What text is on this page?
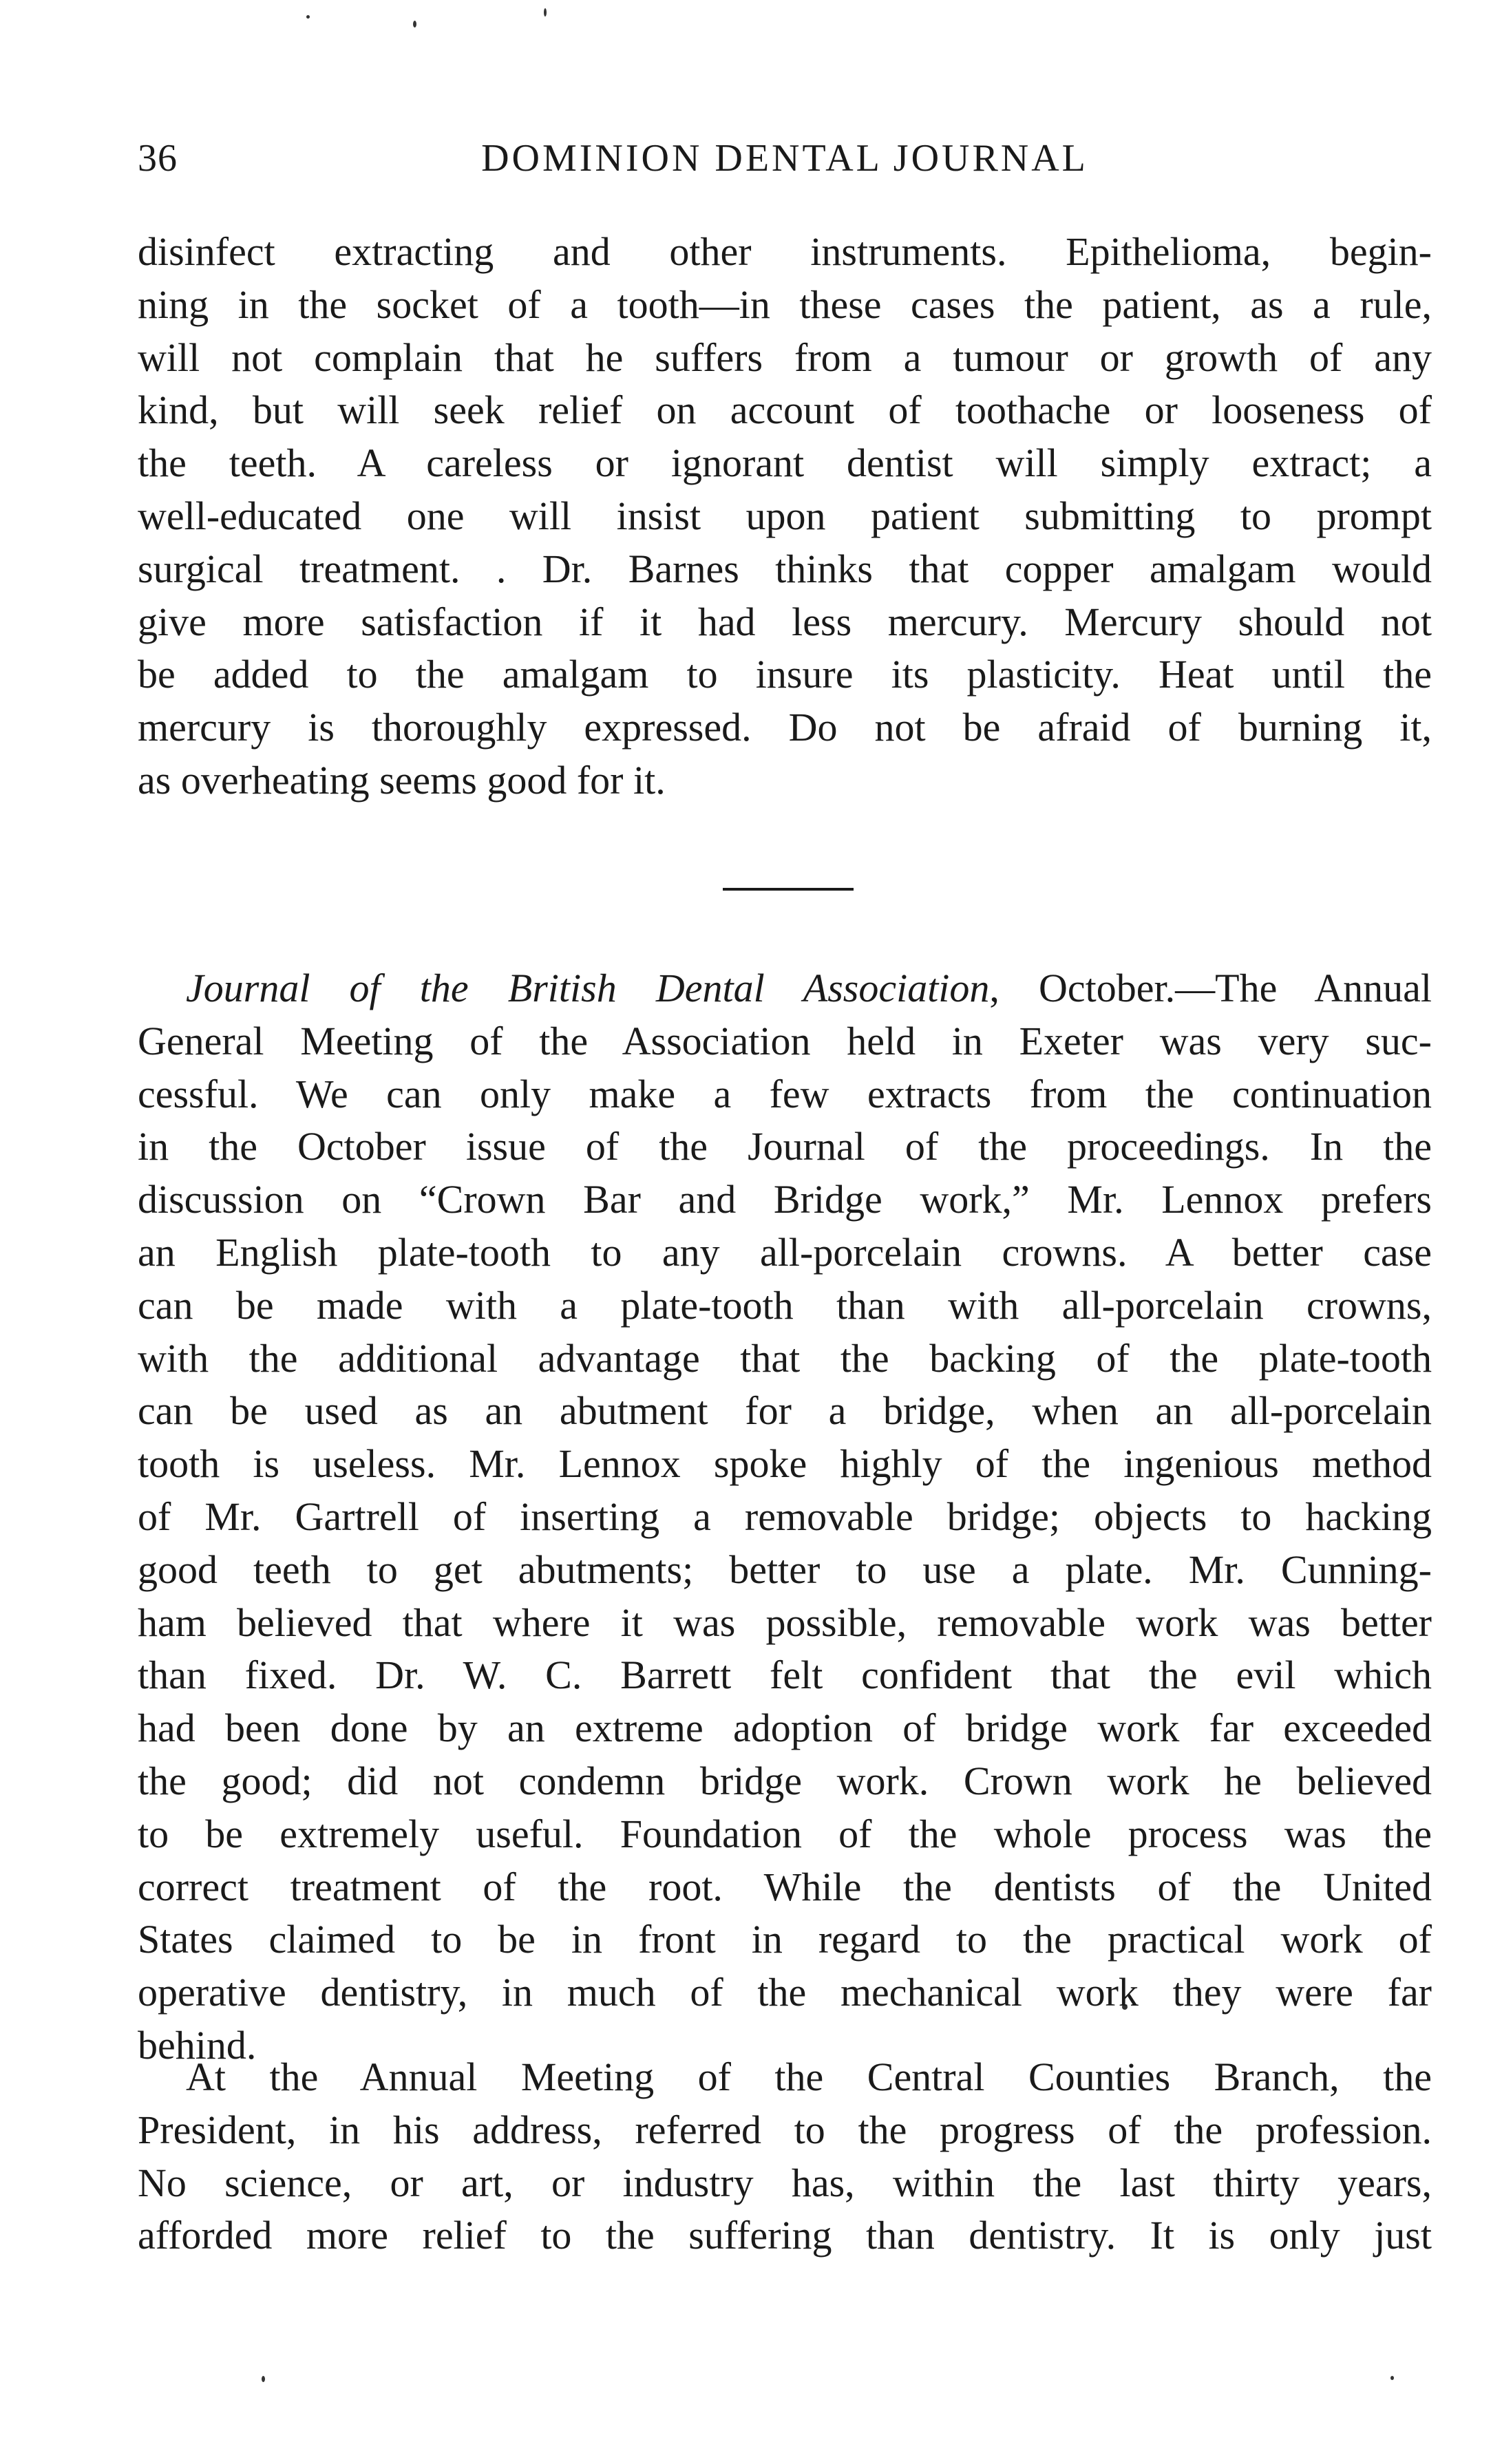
36	DOMINION DENTAL JOURNAL
disinfect extracting and other instruments. Epithelioma, begin-
ning in the socket of a tooth—in these cases the patient, as a rule,
will not complain that he suffers from a tumour or growth of any
kind, but will seek relief on account of toothache or looseness of
the teeth. A careless or ignorant dentist will simply extract; a
well-educated one will insist upon patient submitting to prompt
surgical treatment. . Dr. Barnes thinks that copper amalgam would
give more satisfaction if it had less mercury. Mercury should not
be added to the amalgam to insure its plasticity. Heat until the
mercury is thoroughly expressed. Do not be afraid of burning it,
as overheating seems good for it.
Journal of the British Dental Association, October.—The Annual
General Meeting of the Association held in Exeter was very suc-
cessful. We can only make a few extracts from the continuation
in the October issue of the Journal of the proceedings. In the
discussion on “Crown Bar and Bridge work,” Mr. Lennox prefers
an English plate-tooth to any all-porcelain crowns. A better case
can be made with a plate-tooth than with all-porcelain crowns,
with the additional advantage that the backing of the plate-tooth
can be used as an abutment for a bridge, when an all-porcelain
tooth is useless. Mr. Lennox spoke highly of the ingenious method
of Mr. Gartrell of inserting a removable bridge; objects to hacking
good teeth to get abutments; better to use a plate. Mr. Cunning-
ham believed that where it was possible, removable work was better
than fixed. Dr. W. C. Barrett felt confident that the evil which
had been done by an extreme adoption of bridge work far exceeded
the good; did not condemn bridge work. Crown work he believed
to be extremely useful. Foundation of the whole process was the
correct treatment of the root. While the dentists of the United
States claimed to be in front in regard to the practical work of
operative dentistry, in much of the mechanical work they were far
behind.
At the Annual Meeting of the Central Counties Branch, the
President, in his address, referred to the progress of the profession.
No science, or art, or industry has, within the last thirty years,
afforded more relief to the suffering than dentistry. It is only just
